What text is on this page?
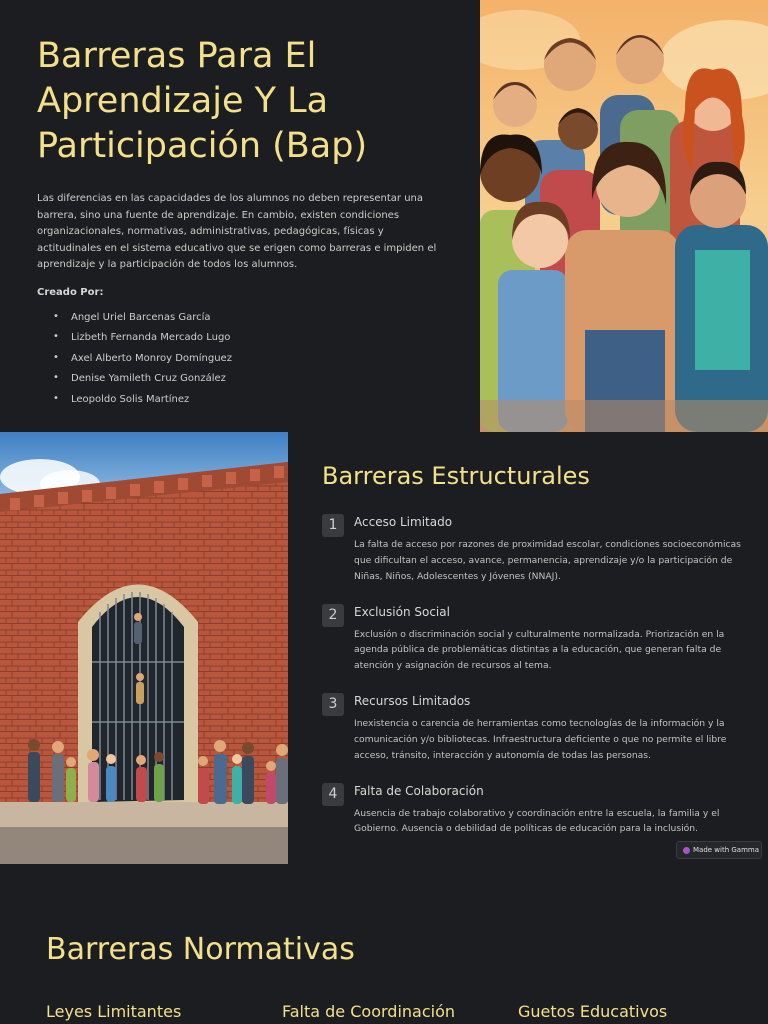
Barreras Para El Aprendizaje Y La Participación (Bap)

Las diferencias en las capacidades de los alumnos no deben representar una barrera, sino una fuente de aprendizaje. En cambio, existen condiciones organizacionales, normativas, administrativas, pedagógicas, físicas y actitudinales en el sistema educativo que se erigen como barreras e impiden el aprendizaje y la participación de todos los alumnos.

Creado Por:

• Angel Uriel Barcenas García
• Lizbeth Fernanda Mercado Lugo
• Axel Alberto Monroy Domínguez
• Denise Yamileth Cruz González
• Leopoldo Solis Martínez
Barreras Estructurales
1	Acceso Limitado
La falta de acceso por razones de proximidad escolar, condiciones socioeconómicas que dificultan el acceso, avance, permanencia, aprendizaje y/o la participación de Niñas, Niños, Adolescentes y Jóvenes (NNAJ).
2	Exclusión Social
Exclusión o discriminación social y culturalmente normalizada. Priorización en la agenda pública de problemáticas distintas a la educación, que generan falta de atención y asignación de recursos al tema.
3	Recursos Limitados
Inexistencia o carencia de herramientas como tecnologías de la información y la comunicación y/o bibliotecas. Infraestructura deficiente o que no permite el libre acceso, tránsito, interacción y autonomía de todas las personas.
4	Falta de Colaboración
Ausencia de trabajo colaborativo y coordinación entre la escuela, la familia y el Gobierno. Ausencia o debilidad de políticas de educación para la inclusión.
Made with Gamma
Barreras Normativas
Leyes Limitantes	Falta de Coordinación	Guetos Educativos
